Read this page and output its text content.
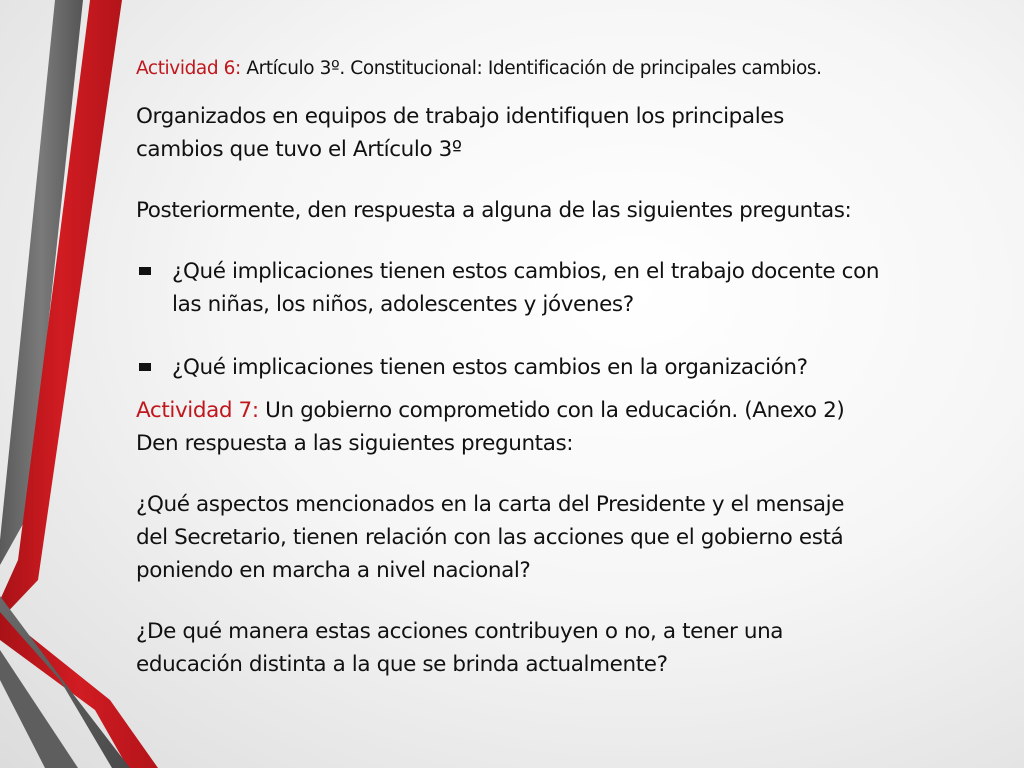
Actividad 6: Artículo 3º. Constitucional: Identificación de principales cambios.

Organizados en equipos de trabajo identifiquen los principales

cambios que tuvo el Artículo 3º

Posteriormente, den respuesta a alguna de las siguientes preguntas:

¿Qué implicaciones tienen estos cambios, en el trabajo docente con
las niñas, los niños, adolescentes y jóvenes?
¿Qué implicaciones tienen estos cambios en la organización?

Actividad 7: Un gobierno comprometido con la educación. (Anexo 2)

Den respuesta a las siguientes preguntas:

¿Qué aspectos mencionados en la carta del Presidente y el mensaje

del Secretario, tienen relación con las acciones que el gobierno está

poniendo en marcha a nivel nacional?

¿De qué manera estas acciones contribuyen o no, a tener una

educación distinta a la que se brinda actualmente?
